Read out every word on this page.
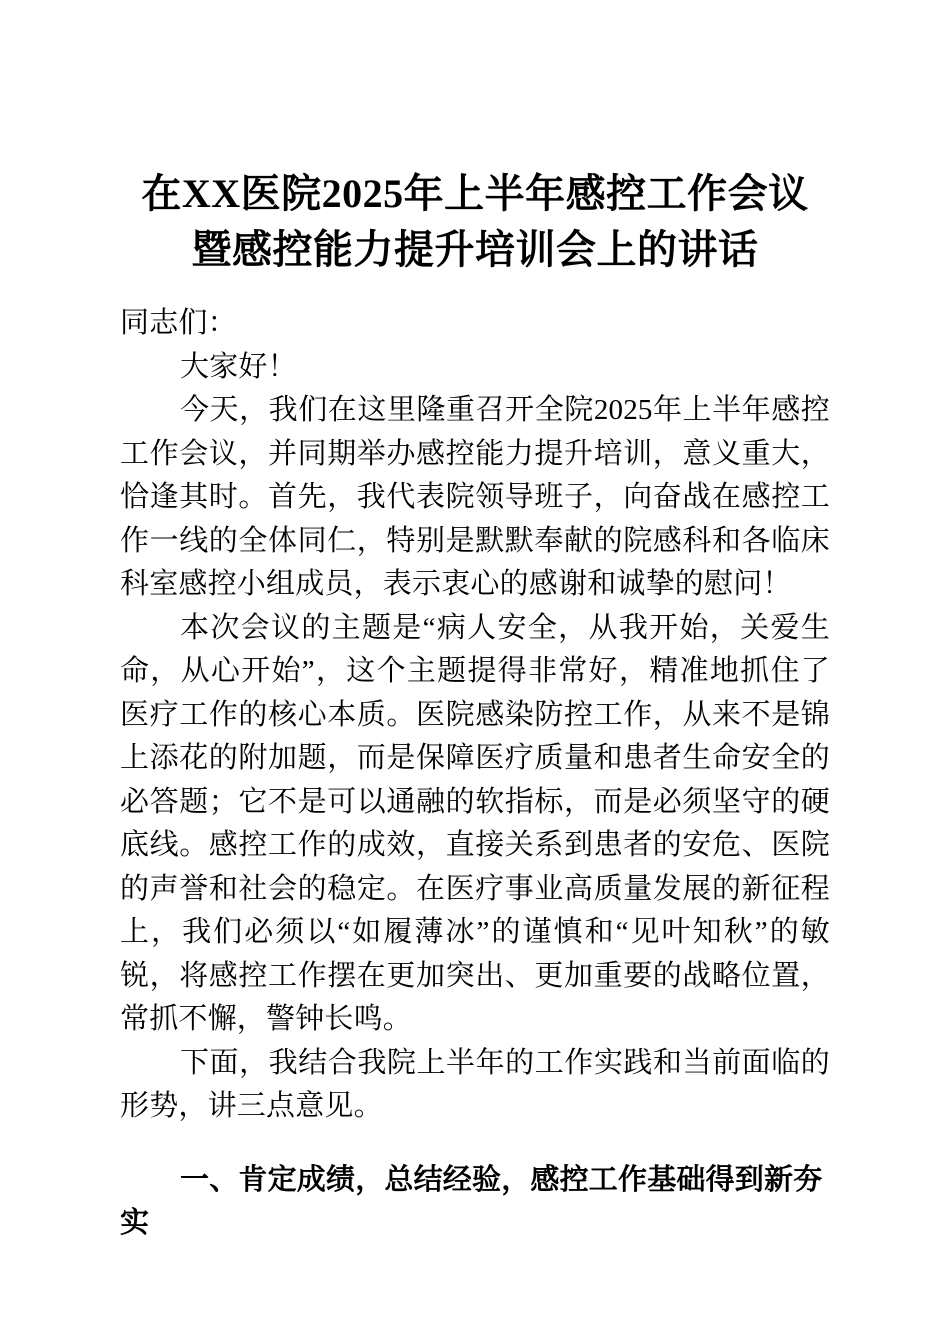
在XX医院2025年上半年感控工作会议
暨感控能力提升培训会上的讲话

同志们：

大家好！

今天，我们在这里隆重召开全院2025年上半年感控工作会议，并同期举办感控能力提升培训，意义重大，恰逢其时。首先，我代表院领导班子，向奋战在感控工作一线的全体同仁，特别是默默奉献的院感科和各临床科室感控小组成员，表示衷心的感谢和诚挚的慰问！

本次会议的主题是“病人安全，从我开始，关爱生命，从心开始”，这个主题提得非常好，精准地抓住了医疗工作的核心本质。医院感染防控工作，从来不是锦上添花的附加题，而是保障医疗质量和患者生命安全的必答题；它不是可以通融的软指标，而是必须坚守的硬底线。感控工作的成效，直接关系到患者的安危、医院的声誉和社会的稳定。在医疗事业高质量发展的新征程上，我们必须以“如履薄冰”的谨慎和“见叶知秋”的敏锐，将感控工作摆在更加突出、更加重要的战略位置，常抓不懈，警钟长鸣。

下面，我结合我院上半年的工作实践和当前面临的形势，讲三点意见。

一、肯定成绩，总结经验，感控工作基础得到新夯实
